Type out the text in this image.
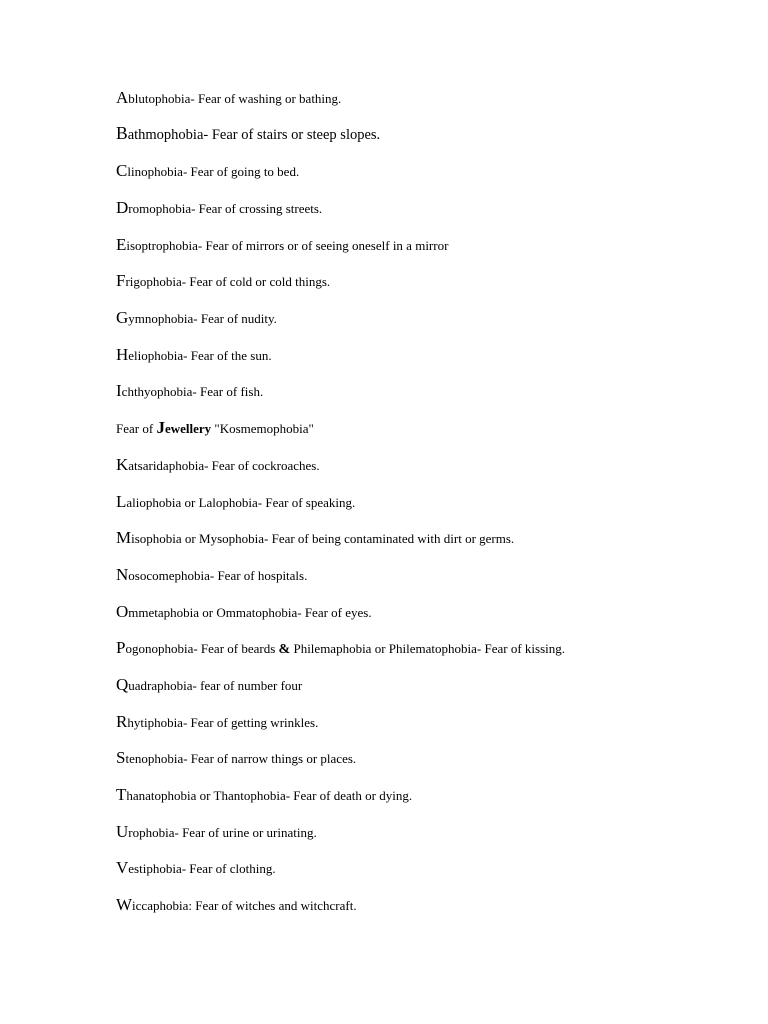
Ablutophobia- Fear of washing or bathing.
Bathmophobia- Fear of stairs or steep slopes.
Clinophobia- Fear of going to bed.
Dromophobia- Fear of crossing streets.
Eisoptrophobia- Fear of mirrors or of seeing oneself in a mirror
Frigophobia- Fear of cold or cold things.
Gymnophobia- Fear of nudity.
Heliophobia- Fear of the sun.
Ichthyophobia- Fear of fish.
Fear of Jewellery "Kosmemophobia"
Katsaridaphobia- Fear of cockroaches.
Laliophobia or Lalophobia- Fear of speaking.
Misophobia or Mysophobia- Fear of being contaminated with dirt or germs.
Nosocomephobia- Fear of hospitals.
Ommetaphobia or Ommatophobia- Fear of eyes.
Pogonophobia- Fear of beards & Philemaphobia or Philematophobia- Fear of kissing.
Quadraphobia- fear of number four
Rhytiphobia- Fear of getting wrinkles.
Stenophobia- Fear of narrow things or places.
Thanatophobia or Thantophobia- Fear of death or dying.
Urophobia- Fear of urine or urinating.
Vestiphobia- Fear of clothing.
Wiccaphobia: Fear of witches and witchcraft.
